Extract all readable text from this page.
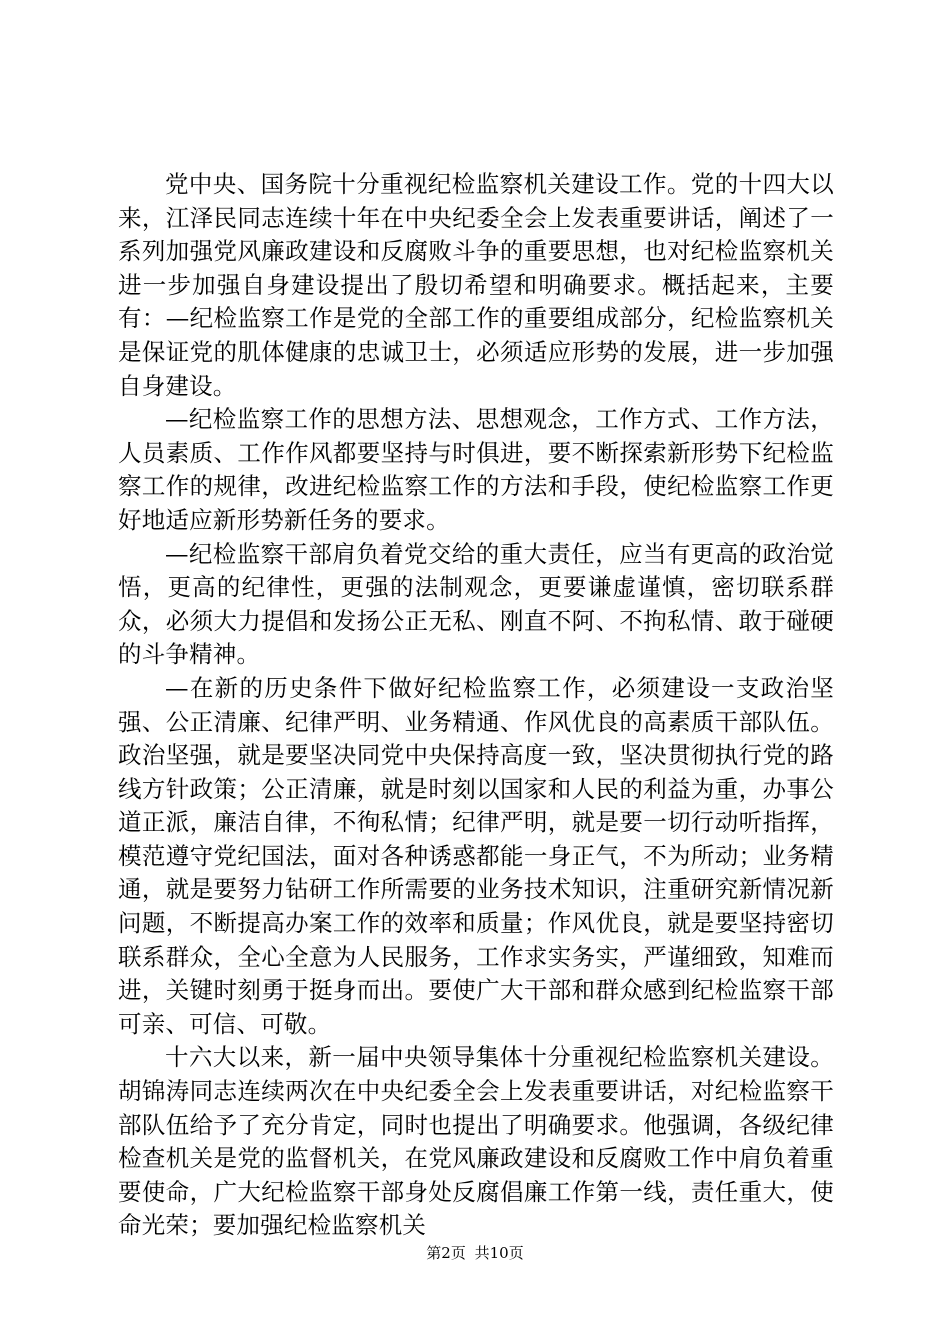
党中央、国务院十分重视纪检监察机关建设工作。党的十四大以来，江泽民同志连续十年在中央纪委全会上发表重要讲话，阐述了一系列加强党风廉政建设和反腐败斗争的重要思想，也对纪检监察机关进一步加强自身建设提出了殷切希望和明确要求。概括起来，主要有：—纪检监察工作是党的全部工作的重要组成部分，纪检监察机关是保证党的肌体健康的忠诚卫士，必须适应形势的发展，进一步加强自身建设。

—纪检监察工作的思想方法、思想观念，工作方式、工作方法，人员素质、工作作风都要坚持与时俱进，要不断探索新形势下纪检监察工作的规律，改进纪检监察工作的方法和手段，使纪检监察工作更好地适应新形势新任务的要求。

—纪检监察干部肩负着党交给的重大责任，应当有更高的政治觉悟，更高的纪律性，更强的法制观念，更要谦虚谨慎，密切联系群众，必须大力提倡和发扬公正无私、刚直不阿、不拘私情、敢于碰硬的斗争精神。

—在新的历史条件下做好纪检监察工作，必须建设一支政治坚强、公正清廉、纪律严明、业务精通、作风优良的高素质干部队伍。政治坚强，就是要坚决同党中央保持高度一致，坚决贯彻执行党的路线方针政策；公正清廉，就是时刻以国家和人民的利益为重，办事公道正派，廉洁自律，不徇私情；纪律严明，就是要一切行动听指挥，模范遵守党纪国法，面对各种诱惑都能一身正气，不为所动；业务精通，就是要努力钻研工作所需要的业务技术知识，注重研究新情况新问题，不断提高办案工作的效率和质量；作风优良，就是要坚持密切联系群众，全心全意为人民服务，工作求实务实，严谨细致，知难而进，关键时刻勇于挺身而出。要使广大干部和群众感到纪检监察干部可亲、可信、可敬。

十六大以来，新一届中央领导集体十分重视纪检监察机关建设。胡锦涛同志连续两次在中央纪委全会上发表重要讲话，对纪检监察干部队伍给予了充分肯定，同时也提出了明确要求。他强调，各级纪律检查机关是党的监督机关，在党风廉政建设和反腐败工作中肩负着重要使命，广大纪检监察干部身处反腐倡廉工作第一线，责任重大，使命光荣；要加强纪检监察机关

第2页 共10页
